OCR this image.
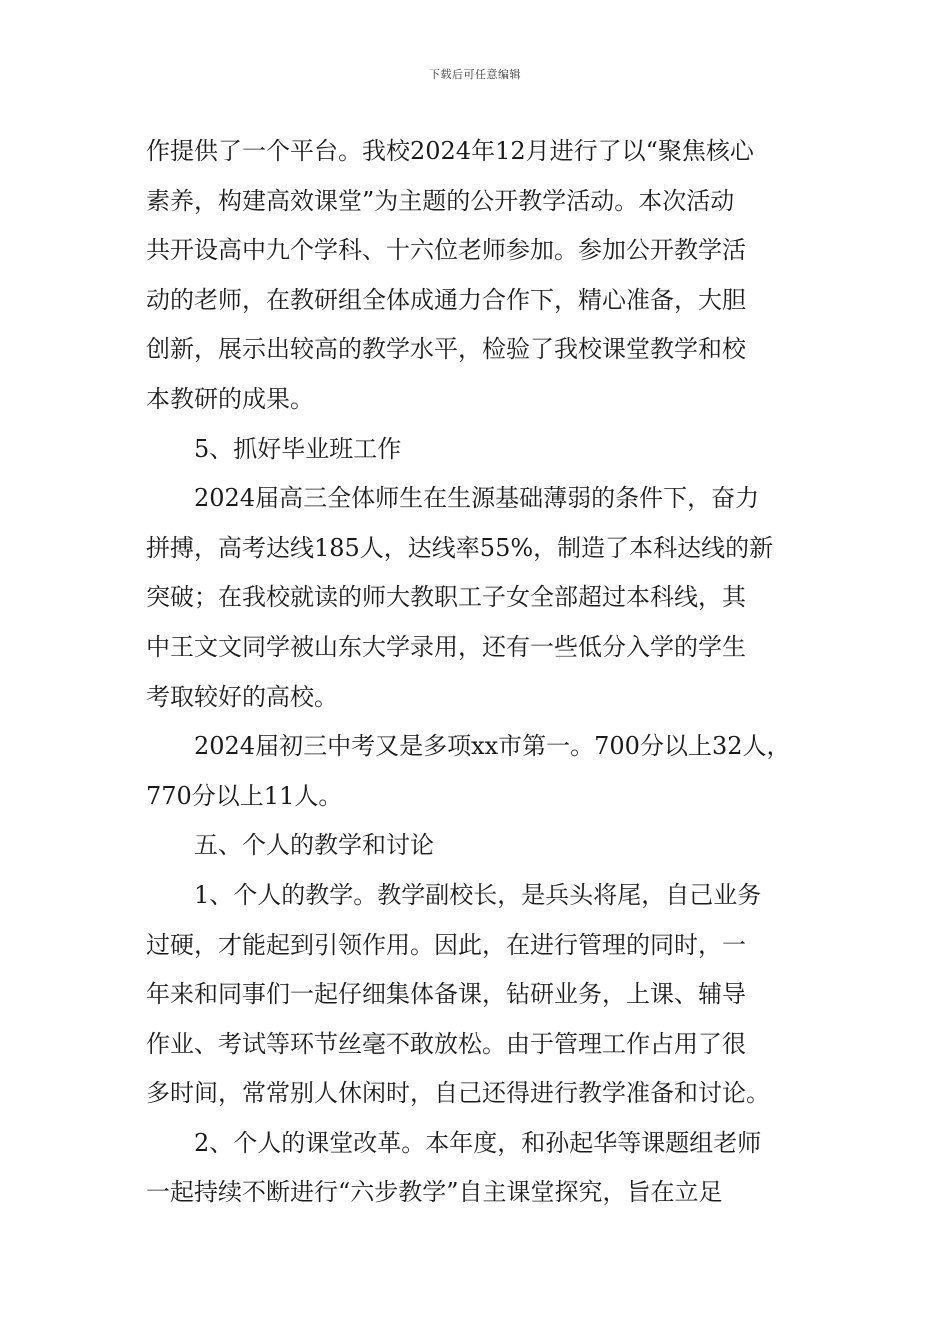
下载后可任意编辑
作提供了一个平台。我校2024年12月进行了以“聚焦核心
素养，构建高效课堂”为主题的公开教学活动。本次活动
共开设高中九个学科、十六位老师参加。参加公开教学活
动的老师，在教研组全体成通力合作下，精心准备，大胆
创新，展示出较高的教学水平，检验了我校课堂教学和校
本教研的成果。
5、抓好毕业班工作
2024届高三全体师生在生源基础薄弱的条件下，奋力
拼搏，高考达线185人，达线率55%，制造了本科达线的新
突破；在我校就读的师大教职工子女全部超过本科线，其
中王文文同学被山东大学录用，还有一些低分入学的学生
考取较好的高校。
2024届初三中考又是多项xx市第一。700分以上32人，
770分以上11人。
五、个人的教学和讨论
1、个人的教学。教学副校长，是兵头将尾，自己业务
过硬，才能起到引领作用。因此，在进行管理的同时，一
年来和同事们一起仔细集体备课，钻研业务，上课、辅导
作业、考试等环节丝毫不敢放松。由于管理工作占用了很
多时间，常常别人休闲时，自己还得进行教学准备和讨论。
2、个人的课堂改革。本年度，和孙起华等课题组老师
一起持续不断进行“六步教学”自主课堂探究，旨在立足
